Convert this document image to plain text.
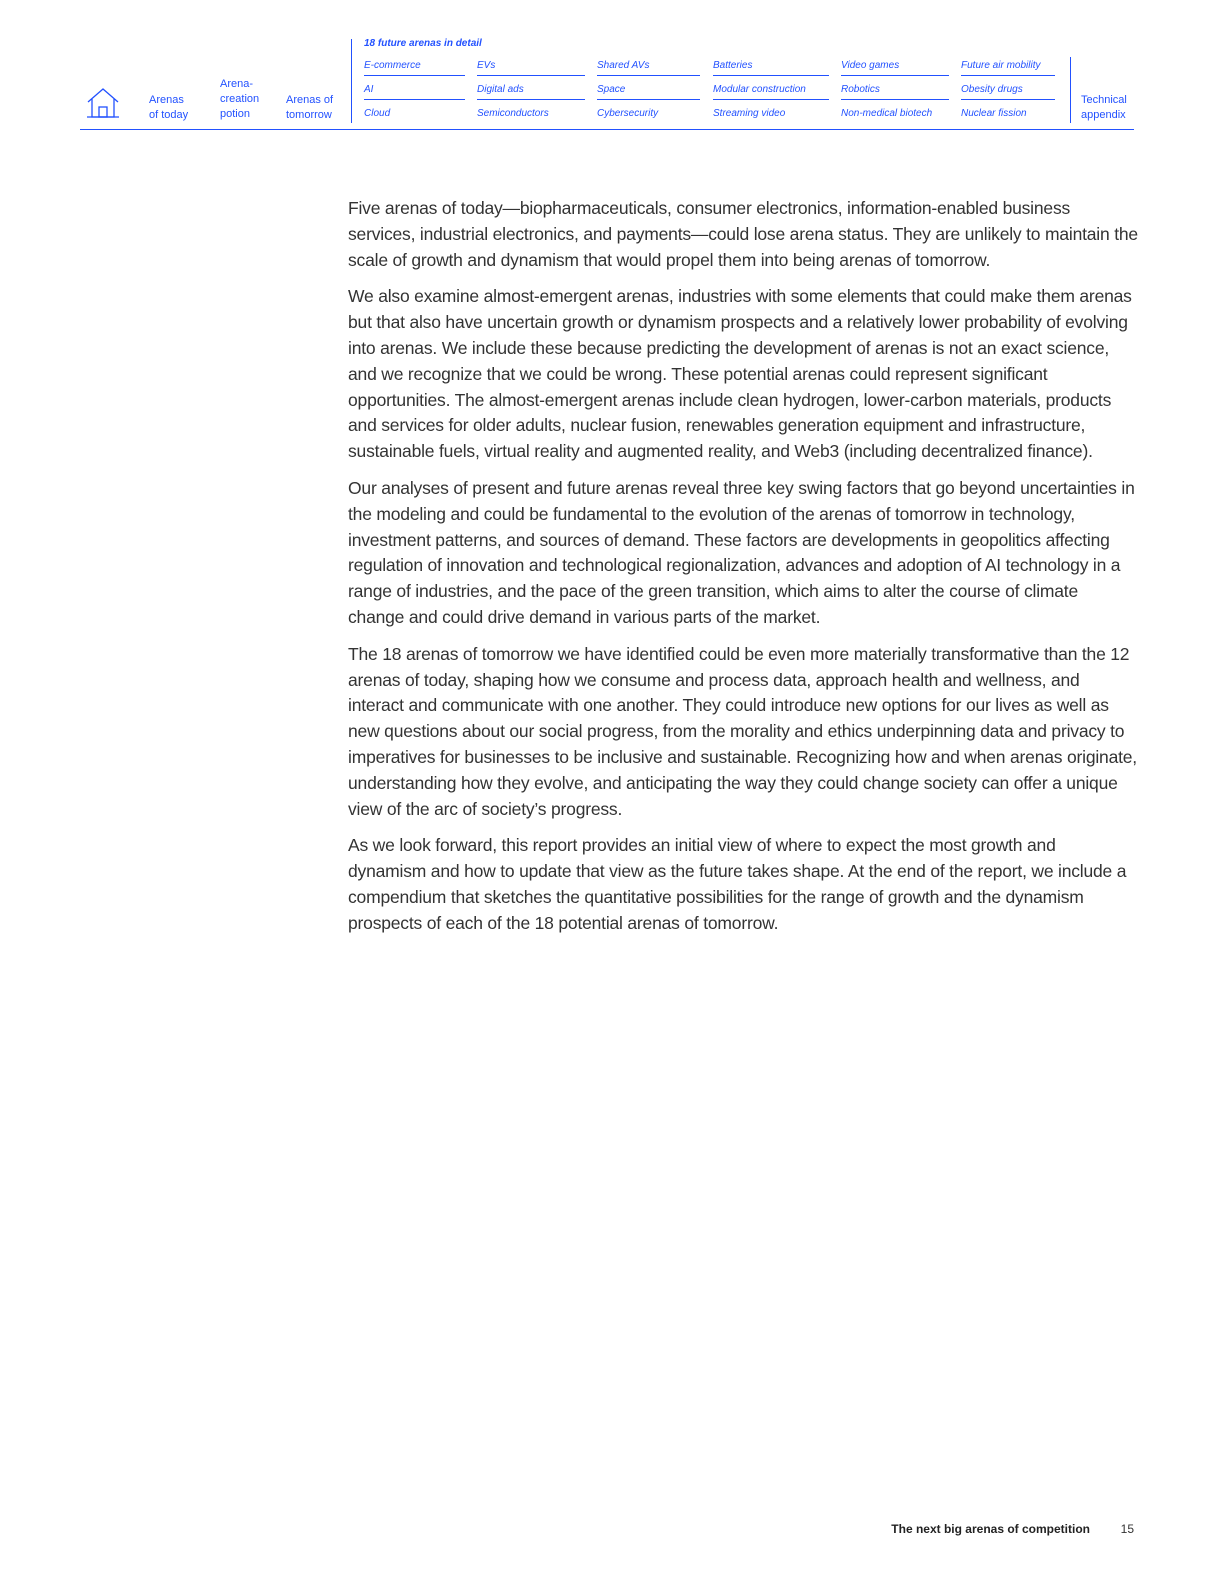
Arenas
of today
Arena-
creation
potion
Arenas of
tomorrow
18 future arenas in detail
E-commerce	EVs	Shared AVs	Batteries	Video games	Future air mobility
AI	Digital ads	Space	Modular construction	Robotics	Obesity drugs
Cloud	Semiconductors	Cybersecurity	Streaming video	Non-medical biotech	Nuclear fission
Technical
appendix

Five arenas of today—biopharmaceuticals, consumer electronics, information-enabled business services, industrial electronics, and payments—could lose arena status. They are unlikely to maintain the scale of growth and dynamism that would propel them into being arenas of tomorrow.

We also examine almost-emergent arenas, industries with some elements that could make them arenas but that also have uncertain growth or dynamism prospects and a relatively lower probability of evolving into arenas. We include these because predicting the development of arenas is not an exact science, and we recognize that we could be wrong. These potential arenas could represent significant opportunities. The almost-emergent arenas include clean hydrogen, lower-carbon materials, products and services for older adults, nuclear fusion, renewables generation equipment and infrastructure, sustainable fuels, virtual reality and augmented reality, and Web3 (including decentralized finance).

Our analyses of present and future arenas reveal three key swing factors that go beyond uncertainties in the modeling and could be fundamental to the evolution of the arenas of tomorrow in technology, investment patterns, and sources of demand. These factors are developments in geopolitics affecting regulation of innovation and technological regionalization, advances and adoption of AI technology in a range of industries, and the pace of the green transition, which aims to alter the course of climate change and could drive demand in various parts of the market.

The 18 arenas of tomorrow we have identified could be even more materially transformative than the 12 arenas of today, shaping how we consume and process data, approach health and wellness, and interact and communicate with one another. They could introduce new options for our lives as well as new questions about our social progress, from the morality and ethics underpinning data and privacy to imperatives for businesses to be inclusive and sustainable. Recognizing how and when arenas originate, understanding how they evolve, and anticipating the way they could change society can offer a unique view of the arc of society’s progress.

As we look forward, this report provides an initial view of where to expect the most growth and dynamism and how to update that view as the future takes shape. At the end of the report, we include a compendium that sketches the quantitative possibilities for the range of growth and the dynamism prospects of each of the 18 potential arenas of tomorrow.

The next big arenas of competition	15
